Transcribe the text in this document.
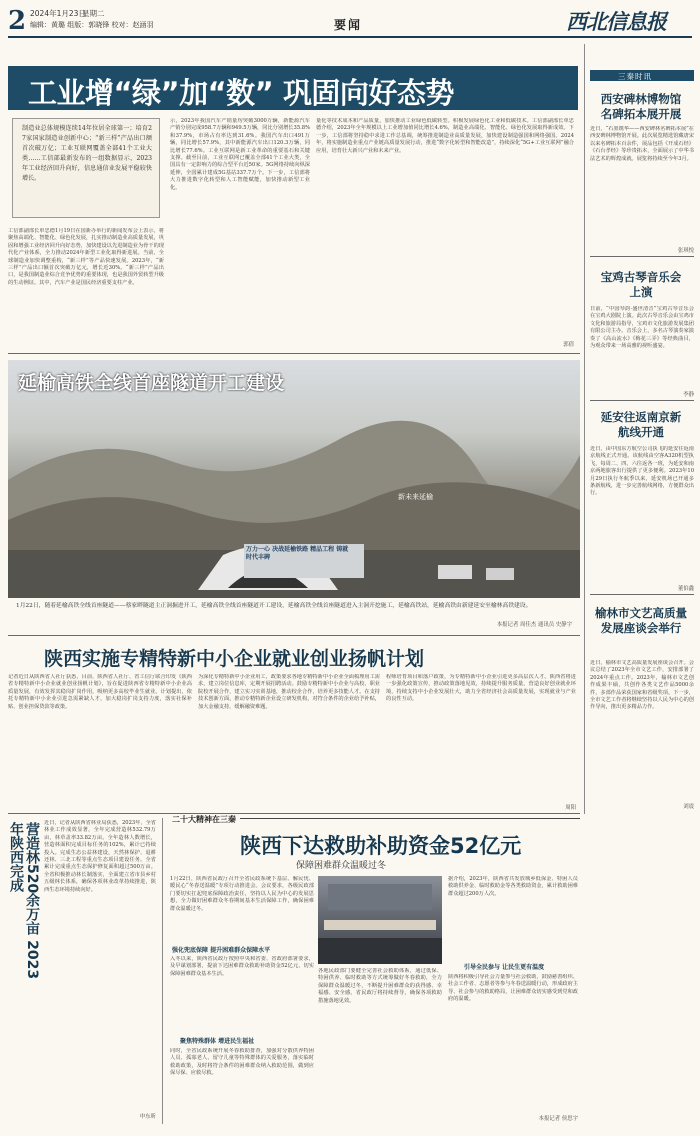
2 2024年1月23日
星期二
编辑：黄璐 组版：郭晓锋 校对：赵涵羽	要闻	西北信息报
工业增“绿”加“数” 巩固向好态势
制造业总体规模连续14年位居全球第一；培育27家国家制造业创新中心；“新三样”产品出口额首次破万亿；工业互联网覆盖全部41个工业大类……工信部最新发布的一组数据显示，2023年工业经济回升向好，信息通信业发展平稳较快增长。
工信部副部长单忠德1月19日在国新办举行的新闻发布会上表示，将聚焦高端化、智能化、绿色化发展，扎实推动制造业高质量发展，巩固和增强工业经济回升向好态势，加快建设以先进制造业为骨干的现代化产业体系，全力推动2024年新型工业化取得新进展。当前，全球制造业加快调整重构，“新三样”等产品快速发展。2023年，“新三样”产品出口额首次突破万亿元，增长近30%。“新三样”产品出口，是我国制造业综合竞争优势的重要体现，也是我国外贸转型升级的生动例证。其中，汽车产业是国民经济重要支柱产业。
示，2023年我国汽车产销量均突破3000万辆，新能源汽车产销分别完成958.7万辆和949.5万辆，同比分别增长35.8%和37.9%，市场占有率达到31.6%。我国汽车出口491万辆，同比增长57.9%，其中新能源汽车出口120.3万辆，同比增长77.6%。工业互联网是新工业革命的重要基石和关键支撑。截至目前，工业互联网已覆盖全部41个工业大类，全国具有一定影响力的综合型平台近50家。5G网络持续向纵深延伸，全国累计建成5G基站337.7万个。下一步，工信部将大力推进数字化转型和人工智能赋能，加快推动新型工业化。
量化等技术成本和产品质量，加快推动工业绿色低碳转型。积极发展绿色化工业和低碳技术。工信部副部长单忠德介绍，2023年全年规模以上工业增加值同比增长4.6%，制造业高端化、智能化、绿色化发展取得新成效。下一步，工信部将坚持稳中求进工作总基调，统筹推进制造业高质量发展，加快建设制造强国和网络强国。2024年，将实施制造业重点产业链高质量发展行动，推进“数字化转型和智能改造”，持续深化“5G+工业互联网”融合应用，培育壮大新兴产业和未来产业。
郭倩
延榆高铁全线首座隧道开工建设
万力一心 决战延榆铁路 精品工程 铸就时代丰碑
新未来延榆
1月22日，随着延榆高铁全线首座隧道——蔡家畔隧道主正洞掘进开工，延榆高铁全线首座隧道开工建设，延榆高铁全线首座隧道进入主洞开挖施工，延榆高铁站，延榆高铁由新建延安至榆林高铁建设。
本报记者 周佳杰 通讯员 史静宇
陕西实施专精特新中小企业就业创业扬帆计划
记者近日从陕西省人社厅获悉，目前，陕西省人社厅、省工信厅联合印发《陕西省专精特新中小企业就业创业扬帆计划》，旨在促进陕西省专精特新中小企业高质量发展，有效发挥其稳岗扩岗作用，吸纳更多高校毕业生就业。计划提出，依托专精特新中小企业引进急需紧缺人才，加大稳岗扩岗支持力度，落实社保补贴、创业担保贷款等政策。
为深化专精特新中小企业用工，政策要求各地专精特新中小企业全面梳理用工需求，建立岗位信息库，定期开展招聘活动。鼓励专精特新中小企业与高校、职业院校开展合作，建立实习实训基地，推动校企合作，培养更多技能人才。在支持技术创新方面，推动专精特新企业设立研发机构，对符合条件的企业给予补贴，加大金融支持，缓解融资难题。
程师培育项目和落户政策，为专精特新中小企业引进更多高层次人才。陕西省将进一步强化政策宣传，推动政策落地见效，持续提升服务质量，营造良好创业就业环境，持续支持中小企业发展壮大，助力全省经济社会高质量发展，实现就业与产业的良性互动。
周阳
营造林520余万亩 2023年陕西完成	近日，记者从陕西省林业局获悉，2023年，全省林业工作成效显著，全年完成营造林532.79万亩，林草盖率33.82万亩。全年造林人数增长，营造林面积完成目标任务的102%，累计已持续投入。完成生态公益林建设，天然林保护、退耕还林、三北工程等重点生态项目建设任务。全省累计完成重点生态保护修复面积超过500万亩。全省积极推动林长制落实，全面建立省市县乡村五级林长体系，确保各项林业改革持续推进，陕西生态环境持续向好。
申东昕
二十大精神在三秦
陕西下达救助补助资金52亿元
保障困难群众温暖过冬
1月22日，陕西省民政厅召开全省民政系统下基层、解民忧、暖民心“冬春送温暖”专项行动推进会。会议要求，各级民政部门要切实扛起兜底保障政治责任，坚持以人民为中心的发展思想，全力做好困难群众冬春期间基本生活保障工作，确保困难群众温暖过冬。
强化兜底保障 提升困难群众保障水平
入冬以来，陕西省民政厅按照中央和省委、省政府部署要求，及早谋划部署，提前下达困难群众救助补助资金52亿元，切实保障困难群众基本生活。
聚焦特殊群体 增进民生福祉
同时，全省民政系统开展冬春救助排查，加强对分散供养特困人员、孤寡老人、留守儿童等特殊群体的关爱服务，落实临时救助政策，及时将符合条件的困难群众纳入救助范围，做到应保尽保、应救尽救。
各地民政部门要健全完善社会救助体系，通过低保、特困供养、临时救助等方式统筹做好冬春救助，全力保障群众温暖过冬，不断提升困难群众的获得感、幸福感、安全感。省民政厅将持续督导，确保各项救助措施落地见效。
据介绍，2023年，陕西省共发放城乡低保金、特困人员救助供养金、临时救助金等各类救助资金，累计救助困难群众超过200万人次。
引导全民参与 让民生更有温度
陕西将积极引导社会力量参与社会救助，鼓励慈善组织、社会工作者、志愿者等参与冬春送温暖行动，形成政府主导、社会参与的救助格局，让困难群众切实感受到党和政府的温暖。
本报记者 侯思宇
三秦时讯
西安碑林博物馆名碑拓本展开展
近日，“石墨镌华——西安碑林名碑拓本展”在西安碑林博物馆开展。此次展览精选馆藏唐宋以来名碑拓本百余件，展品包括《开成石经》《石台孝经》等珍贵拓本，全面展示了中华书法艺术的辉煌成就。展览将持续至今年3月。
张琪悦
宝鸡古琴音乐会上演
日前，“中国琴韵·盛世清音”宝鸡古琴音乐会在宝鸡大剧院上演。此次古琴音乐会由宝鸡市文化和旅游局指导，宝鸡市文化旅游发展集团有限公司主办。音乐会上，多名古琴演奏家演奏了《高山流水》《梅花三弄》等经典曲目，为观众带来一场高雅的视听盛宴。
李静
延安往返南京新航线开通
近日，由中国东方航空公司执飞的延安往返南京航线正式开通。该航线由空客A320机型执飞，每周二、四、六往返各一班，为延安和南京两地旅客出行提供了更多便利。2023年10月29日执行冬航季以来，延安机场已开通多条新航线，进一步完善航线网络，方便群众出行。
董伯鑫
榆林市文艺高质量发展座谈会举行
近日，榆林市文艺高质量发展座谈会召开。会议总结了2023年全市文艺工作，安排部署了2024年重点工作。2023年，榆林市文艺创作成果丰硕，共创作各类文艺作品5000余件，多部作品荣获国家和省级奖项。下一步，全市文艺工作者将继续坚持以人民为中心的创作导向，推出更多精品力作。
刘震
